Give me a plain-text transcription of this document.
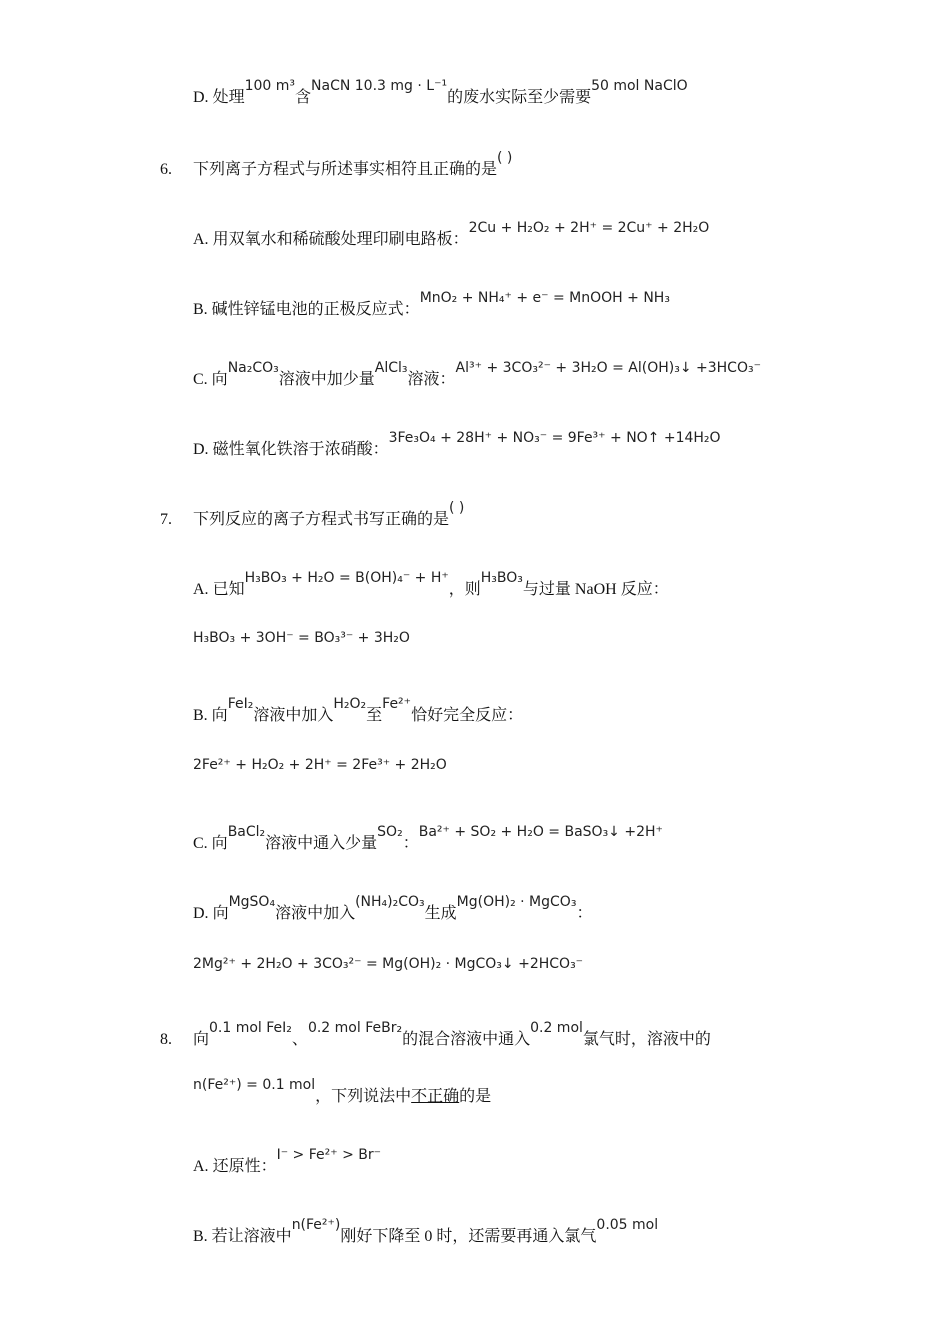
D. 处理100 m³含NaCN 10.3 mg · L⁻¹的废水实际至少需要50 mol NaClO
6. 下列离子方程式与所述事实相符且正确的是( )
A. 用双氧水和稀硫酸处理印刷电路板：2Cu + H₂O₂ + 2H⁺ = 2Cu⁺ + 2H₂O
B. 碱性锌锰电池的正极反应式：MnO₂ + NH₄⁺ + e⁻ = MnOOH + NH₃
C. 向Na₂CO₃溶液中加少量AlCl₃溶液：Al³⁺ + 3CO₃²⁻ + 3H₂O = Al(OH)₃↓ +3HCO₃⁻
D. 磁性氧化铁溶于浓硝酸：3Fe₃O₄ + 28H⁺ + NO₃⁻ = 9Fe³⁺ + NO↑ +14H₂O
7. 下列反应的离子方程式书写正确的是( )
A. 已知H₃BO₃ + H₂O = B(OH)₄⁻ + H⁺，则H₃BO₃与过量 NaOH 反应：
H₃BO₃ + 3OH⁻ = BO₃³⁻ + 3H₂O
B. 向FeI₂溶液中加入H₂O₂至Fe²⁺恰好完全反应：
2Fe²⁺ + H₂O₂ + 2H⁺ = 2Fe³⁺ + 2H₂O
C. 向BaCl₂溶液中通入少量SO₂：Ba²⁺ + SO₂ + H₂O = BaSO₃↓ +2H⁺
D. 向MgSO₄溶液中加入(NH₄)₂CO₃生成Mg(OH)₂ · MgCO₃：
2Mg²⁺ + 2H₂O + 3CO₃²⁻ = Mg(OH)₂ · MgCO₃↓ +2HCO₃⁻
8. 向0.1 mol FeI₂、0.2 mol FeBr₂的混合溶液中通入0.2 mol氯气时，溶液中的
n(Fe²⁺) = 0.1 mol，下列说法中不正确的是
A. 还原性：I⁻ > Fe²⁺ > Br⁻
B. 若让溶液中n(Fe²⁺)刚好下降至 0 时，还需要再通入氯气0.05 mol
